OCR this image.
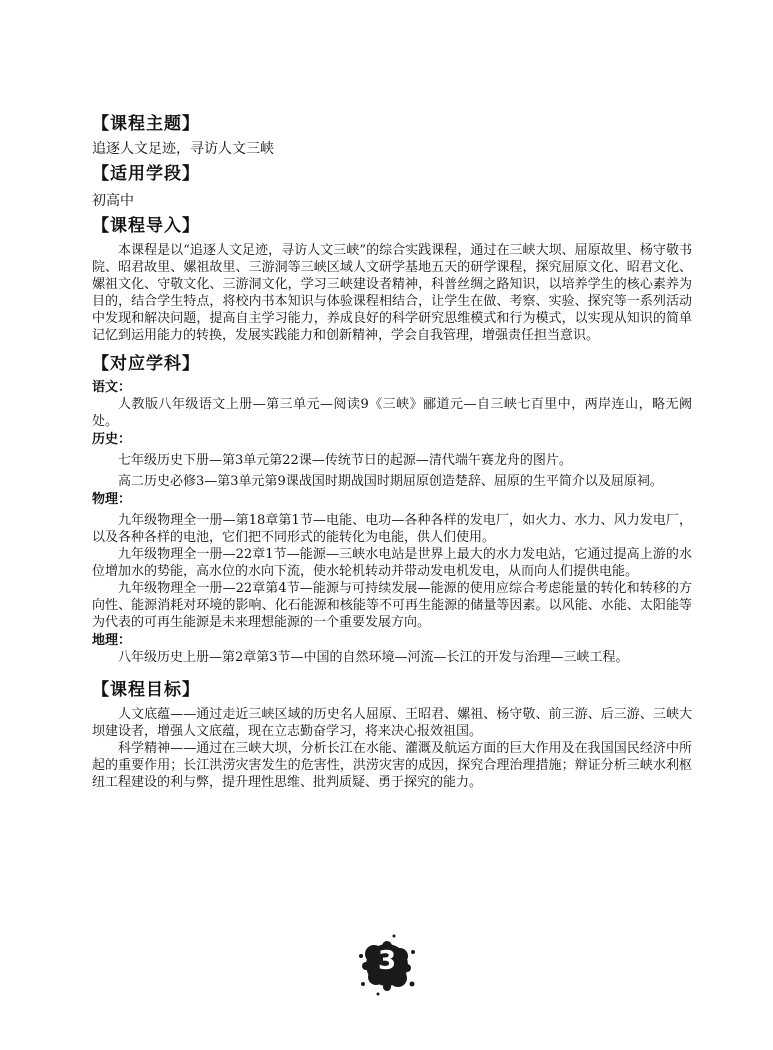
【课程主题】
追逐人文足迹，寻访人文三峡
【适用学段】
初高中
【课程导入】
本课程是以“追逐人文足迹，寻访人文三峡”的综合实践课程，通过在三峡大坝、屈原故里、杨守敬书院、昭君故里、嫘祖故里、三游洞等三峡区域人文研学基地五天的研学课程，探究屈原文化、昭君文化、嫘祖文化、守敬文化、三游洞文化，学习三峡建设者精神，科普丝绸之路知识，以培养学生的核心素养为目的，结合学生特点，将校内书本知识与体验课程相结合，让学生在做、考察、实验、探究等一系列活动中发现和解决问题，提高自主学习能力，养成良好的科学研究思维模式和行为模式，以实现从知识的简单记忆到运用能力的转换，发展实践能力和创新精神，学会自我管理，增强责任担当意识。
【对应学科】
语文：
人教版八年级语文上册—第三单元—阅读9《三峡》郦道元—自三峡七百里中，两岸连山，略无阙处。
历史：
七年级历史下册—第3单元第22课—传统节日的起源—清代端午赛龙舟的图片。
高二历史必修3—第3单元第9课战国时期战国时期屈原创造楚辞、屈原的生平简介以及屈原祠。
物理：
九年级物理全一册—第18章第1节—电能、电功—各种各样的发电厂，如火力、水力、风力发电厂，以及各种各样的电池，它们把不同形式的能转化为电能，供人们使用。
九年级物理全一册—22章1节—能源—三峡水电站是世界上最大的水力发电站，它通过提高上游的水位增加水的势能，高水位的水向下流，使水轮机转动并带动发电机发电，从而向人们提供电能。
九年级物理全一册—22章第4节—能源与可持续发展—能源的使用应综合考虑能量的转化和转移的方向性、能源消耗对环境的影响、化石能源和核能等不可再生能源的储量等因素。以风能、水能、太阳能等为代表的可再生能源是未来理想能源的一个重要发展方向。
地理：
八年级历史上册—第2章第3节—中国的自然环境—河流—长江的开发与治理—三峡工程。
【课程目标】
人文底蕴——通过走近三峡区域的历史名人屈原、王昭君、嫘祖、杨守敬、前三游、后三游、三峡大坝建设者，增强人文底蕴，现在立志勤奋学习，将来决心报效祖国。
科学精神——通过在三峡大坝，分析长江在水能、灌溉及航运方面的巨大作用及在我国国民经济中所起的重要作用；长江洪涝灾害发生的危害性，洪涝灾害的成因，探究合理治理措施；辩证分析三峡水利枢纽工程建设的利与弊，提升理性思维、批判质疑、勇于探究的能力。
3
